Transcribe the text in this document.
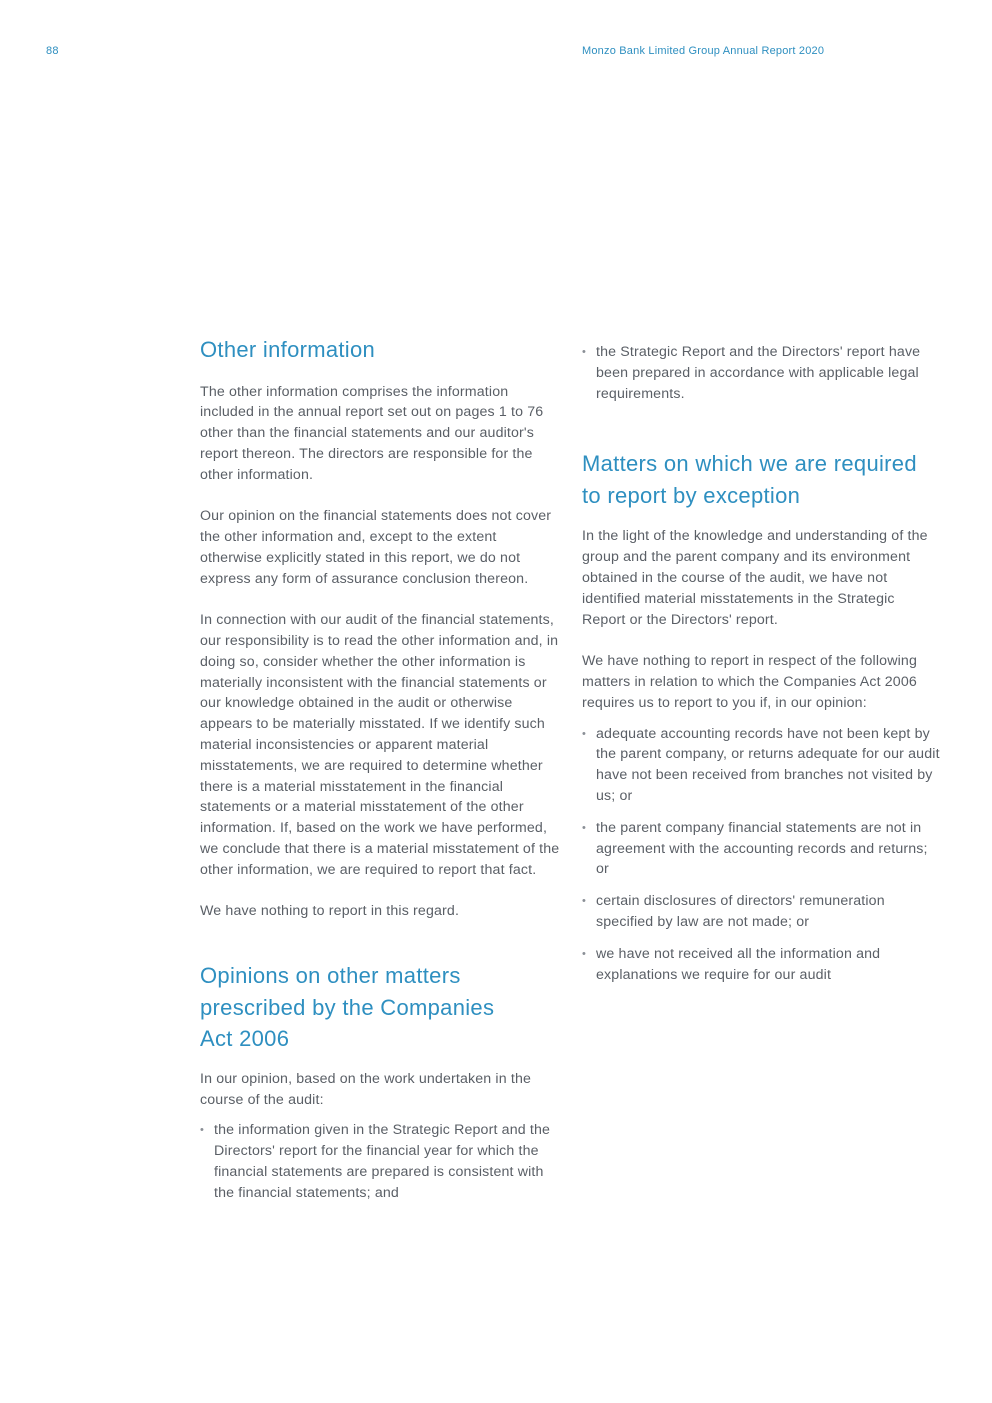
88	Monzo Bank Limited Group Annual Report 2020
Other information

The other information comprises the information included in the annual report set out on pages 1 to 76 other than the financial statements and our auditor's report thereon. The directors are responsible for the other information.

Our opinion on the financial statements does not cover the other information and, except to the extent otherwise explicitly stated in this report, we do not express any form of assurance conclusion thereon.

In connection with our audit of the financial statements, our responsibility is to read the other information and, in doing so, consider whether the other information is materially inconsistent with the financial statements or our knowledge obtained in the audit or otherwise appears to be materially misstated. If we identify such material inconsistencies or apparent material misstatements, we are required to determine whether there is a material misstatement in the financial statements or a material misstatement of the other information. If, based on the work we have performed, we conclude that there is a material misstatement of the other information, we are required to report that fact.

We have nothing to report in this regard.

Opinions on other matters prescribed by the Companies Act 2006

In our opinion, based on the work undertaken in the course of the audit:

• the information given in the Strategic Report and the Directors' report for the financial year for which the financial statements are prepared is consistent with the financial statements; and
• the Strategic Report and the Directors' report have been prepared in accordance with applicable legal requirements.
Matters on which we are required to report by exception

In the light of the knowledge and understanding of the group and the parent company and its environment obtained in the course of the audit, we have not identified material misstatements in the Strategic Report or the Directors' report.

We have nothing to report in respect of the following matters in relation to which the Companies Act 2006 requires us to report to you if, in our opinion:

• adequate accounting records have not been kept by the parent company, or returns adequate for our audit have not been received from branches not visited by us; or
• the parent company financial statements are not in agreement with the accounting records and returns; or
• certain disclosures of directors' remuneration specified by law are not made; or
• we have not received all the information and explanations we require for our audit
